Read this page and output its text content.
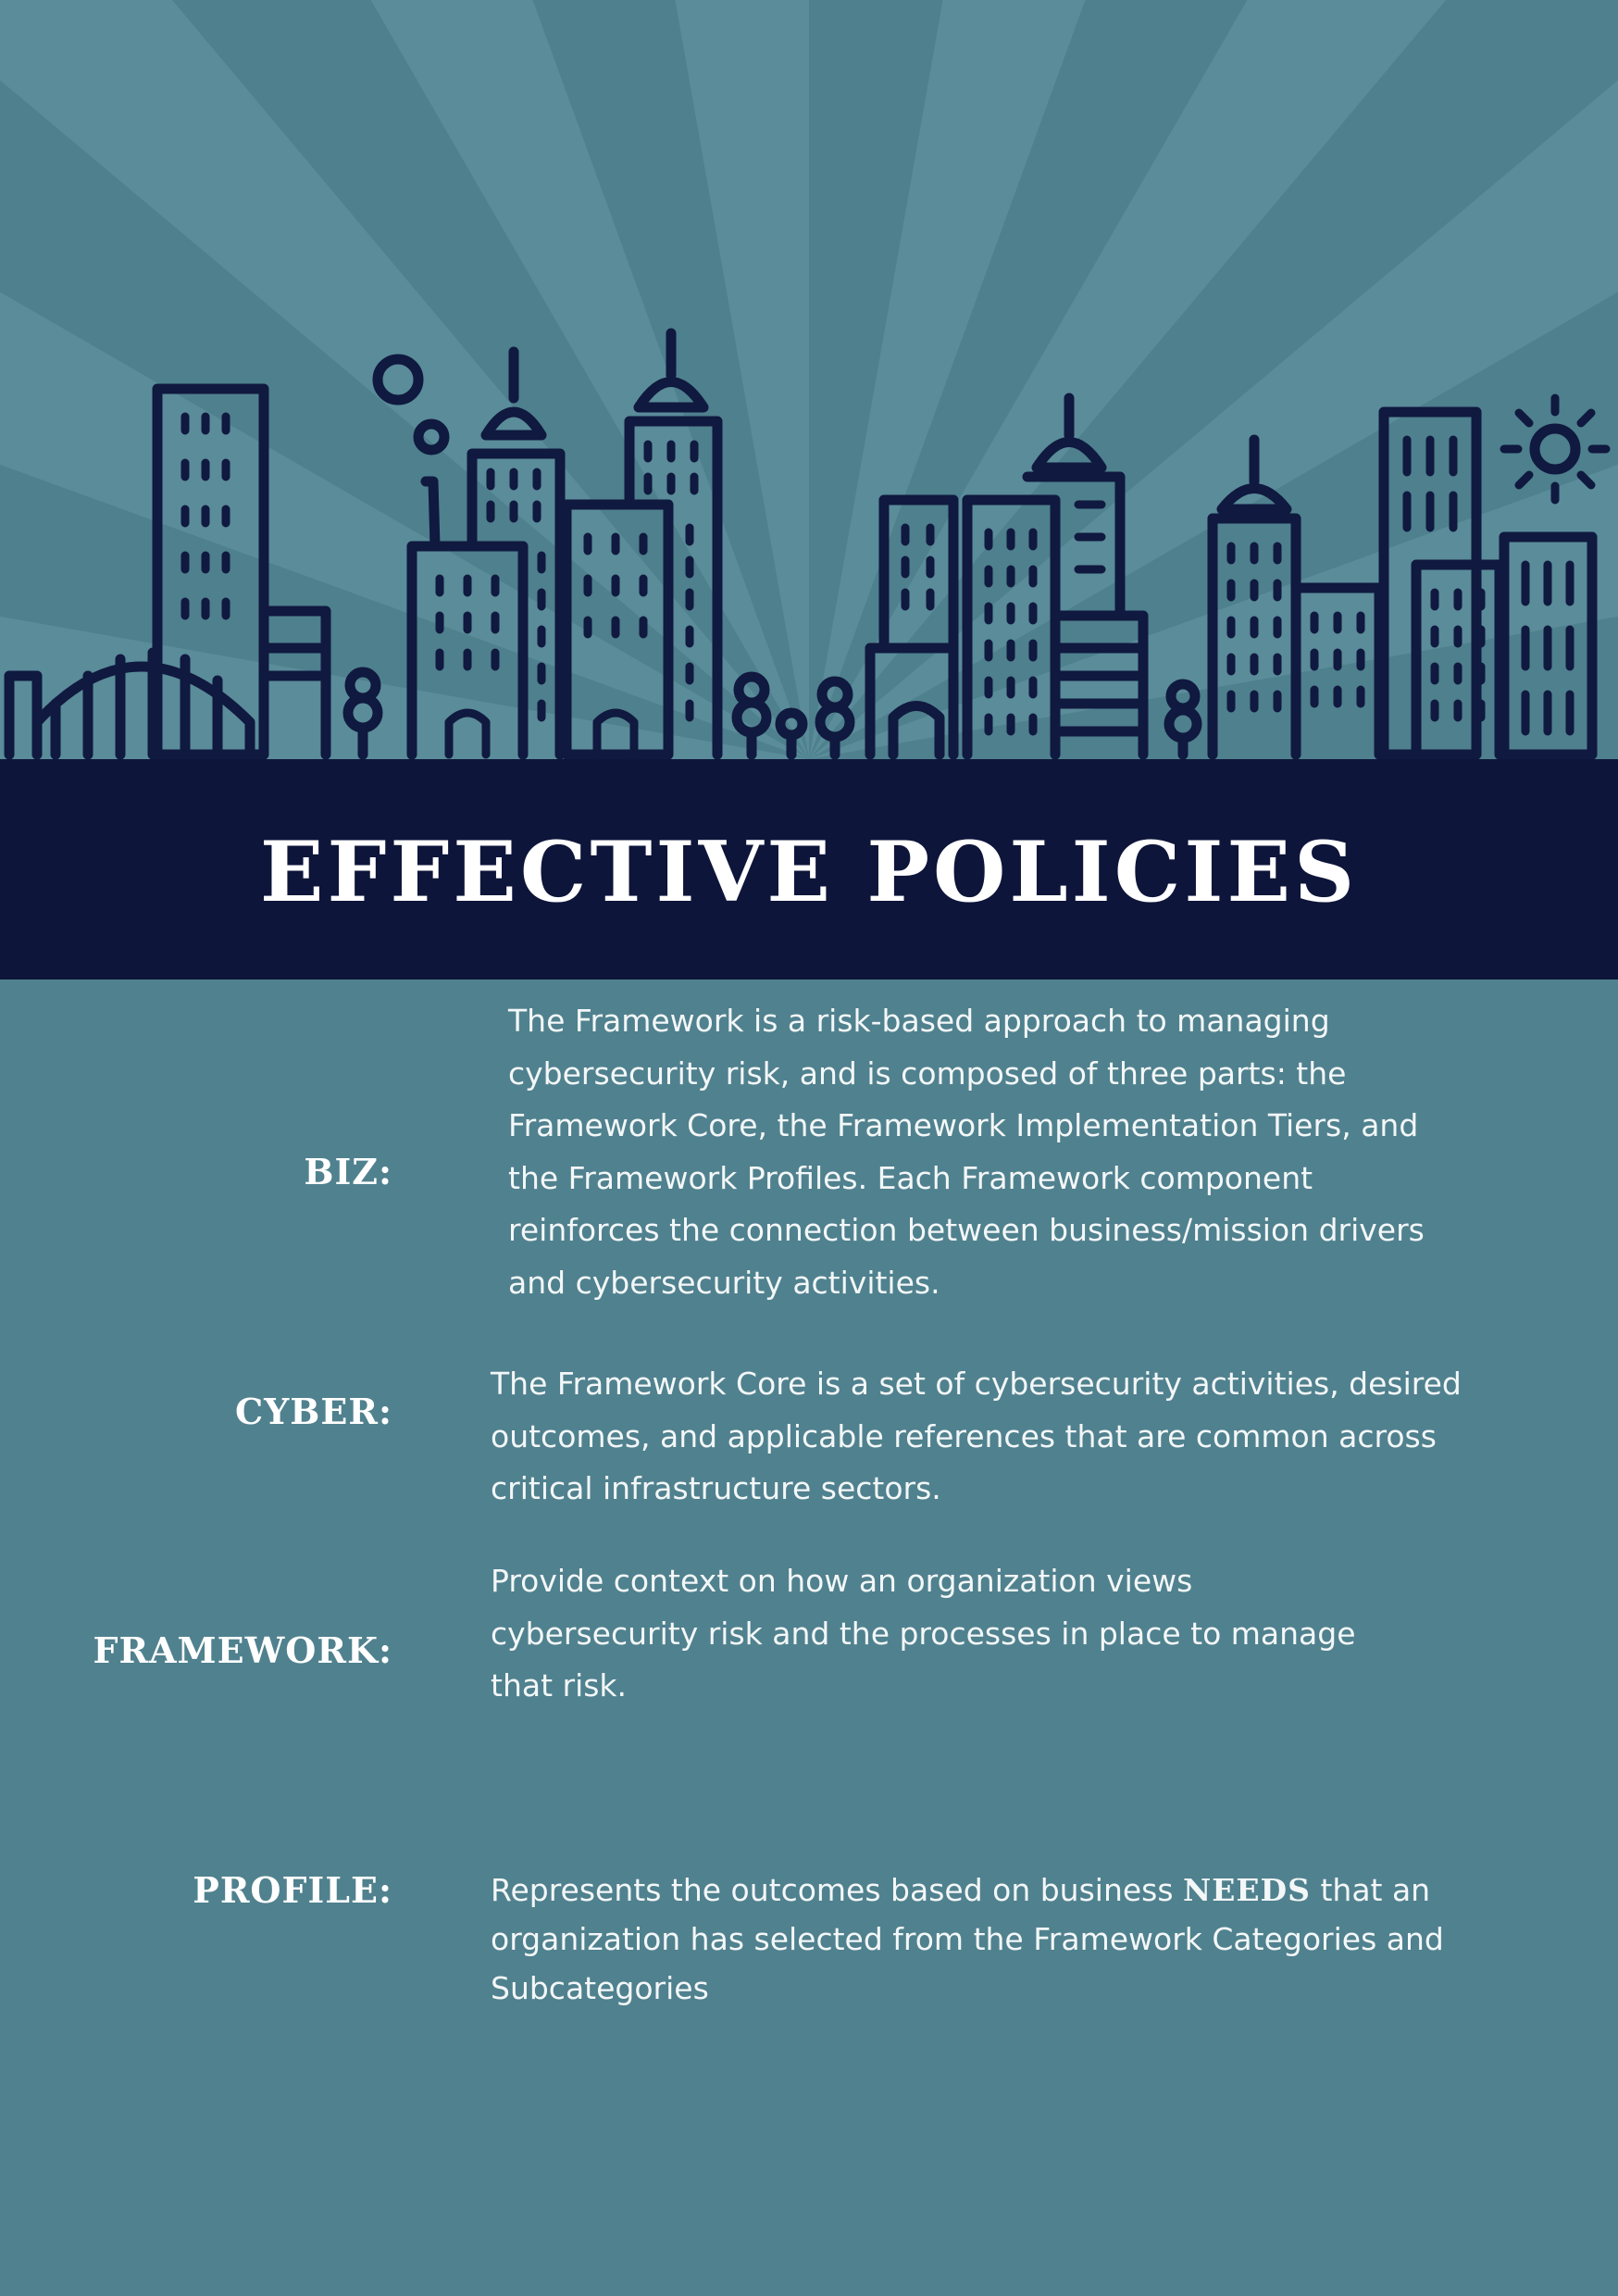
EFFECTIVE POLICIES
BIZ:
The Framework is a risk-based approach to managing cybersecurity risk, and is composed of three parts: the Framework Core, the Framework Implementation Tiers, and the Framework Profiles. Each Framework component reinforces the connection between business/mission drivers and cybersecurity activities.
CYBER:
The Framework Core is a set of cybersecurity activities, desired outcomes, and applicable references that are common across critical infrastructure sectors.
FRAMEWORK:
Provide context on how an organization views cybersecurity risk and the processes in place to manage that risk.
PROFILE:	Represents the outcomes based on business NEEDS that an organization has selected from the Framework Categories and Subcategories
